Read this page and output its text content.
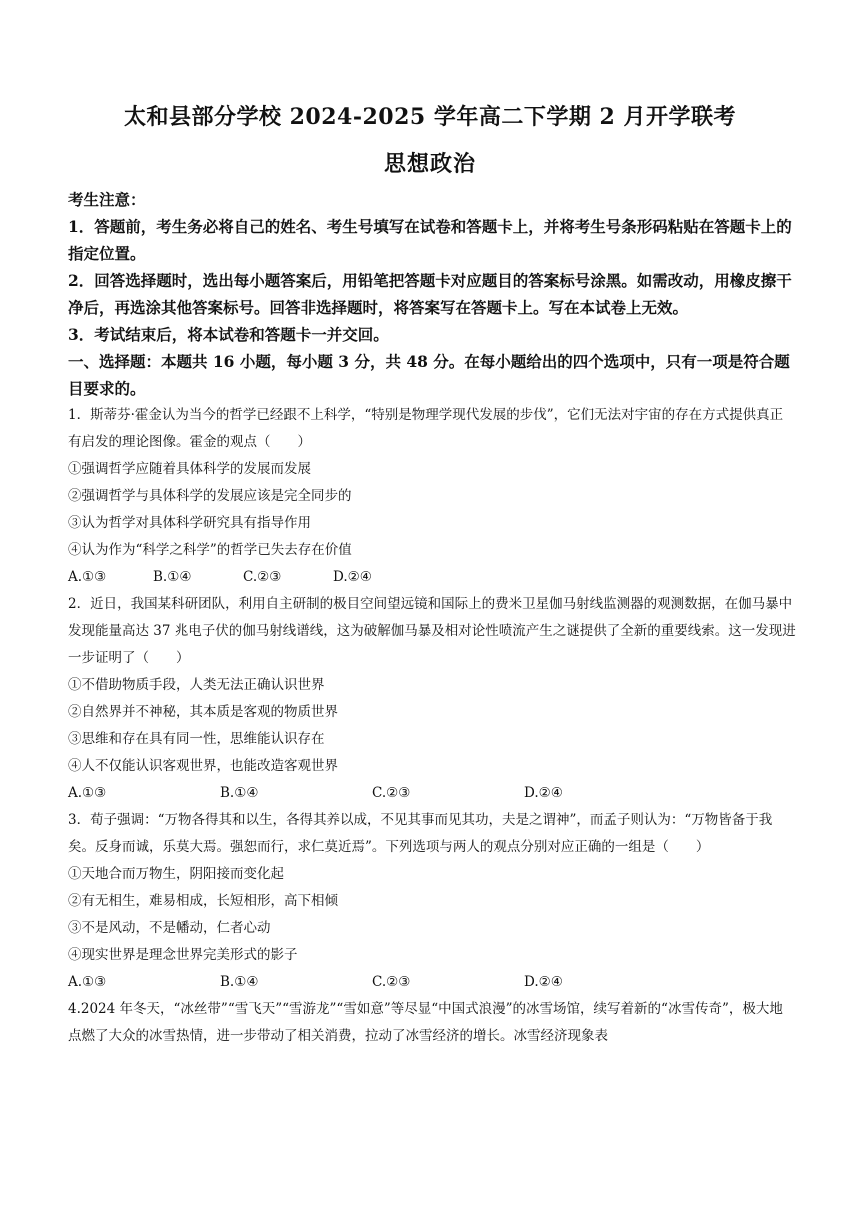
太和县部分学校 2024-2025 学年高二下学期 2 月开学联考
思想政治

考生注意：

1．答题前，考生务必将自己的姓名、考生号填写在试卷和答题卡上，并将考生号条形码粘贴在答题卡上的指定位置。

2．回答选择题时，选出每小题答案后，用铅笔把答题卡对应题目的答案标号涂黑。如需改动，用橡皮擦干净后，再选涂其他答案标号。回答非选择题时，将答案写在答题卡上。写在本试卷上无效。

3．考试结束后，将本试卷和答题卡一并交回。

一、选择题：本题共 16 小题，每小题 3 分，共 48 分。在每小题给出的四个选项中，只有一项是符合题目要求的。

1．斯蒂芬·霍金认为当今的哲学已经跟不上科学，“特别是物理学现代发展的步伐”，它们无法对宇宙的存在方式提供真正有启发的理论图像。霍金的观点（　　）

①强调哲学应随着具体科学的发展而发展

②强调哲学与具体科学的发展应该是完全同步的

③认为哲学对具体科学研究具有指导作用

④认为作为“科学之科学”的哲学已失去存在价值

A.①③	B.①④	C.②③	D.②④

2．近日，我国某科研团队，利用自主研制的极目空间望远镜和国际上的费米卫星伽马射线监测器的观测数据，在伽马暴中发现能量高达 37 兆电子伏的伽马射线谱线，这为破解伽马暴及相对论性喷流产生之谜提供了全新的重要线索。这一发现进一步证明了（　　）

①不借助物质手段，人类无法正确认识世界

②自然界并不神秘，其本质是客观的物质世界

③思维和存在具有同一性，思维能认识存在

④人不仅能认识客观世界，也能改造客观世界

A.①③	B.①④	C.②③	D.②④

3．荀子强调：“万物各得其和以生，各得其养以成，不见其事而见其功，夫是之谓神”，而孟子则认为：“万物皆备于我矣。反身而诚，乐莫大焉。强恕而行，求仁莫近焉”。下列选项与两人的观点分别对应正确的一组是（　　）

①天地合而万物生，阴阳接而变化起

②有无相生，难易相成，长短相形，高下相倾

③不是风动，不是幡动，仁者心动

④现实世界是理念世界完美形式的影子

A.①③	B.①④	C.②③	D.②④

4.2024 年冬天，“冰丝带”“雪飞天”“雪游龙”“雪如意”等尽显“中国式浪漫”的冰雪场馆，续写着新的“冰雪传奇”，极大地点燃了大众的冰雪热情，进一步带动了相关消费，拉动了冰雪经济的增长。冰雪经济现象表
